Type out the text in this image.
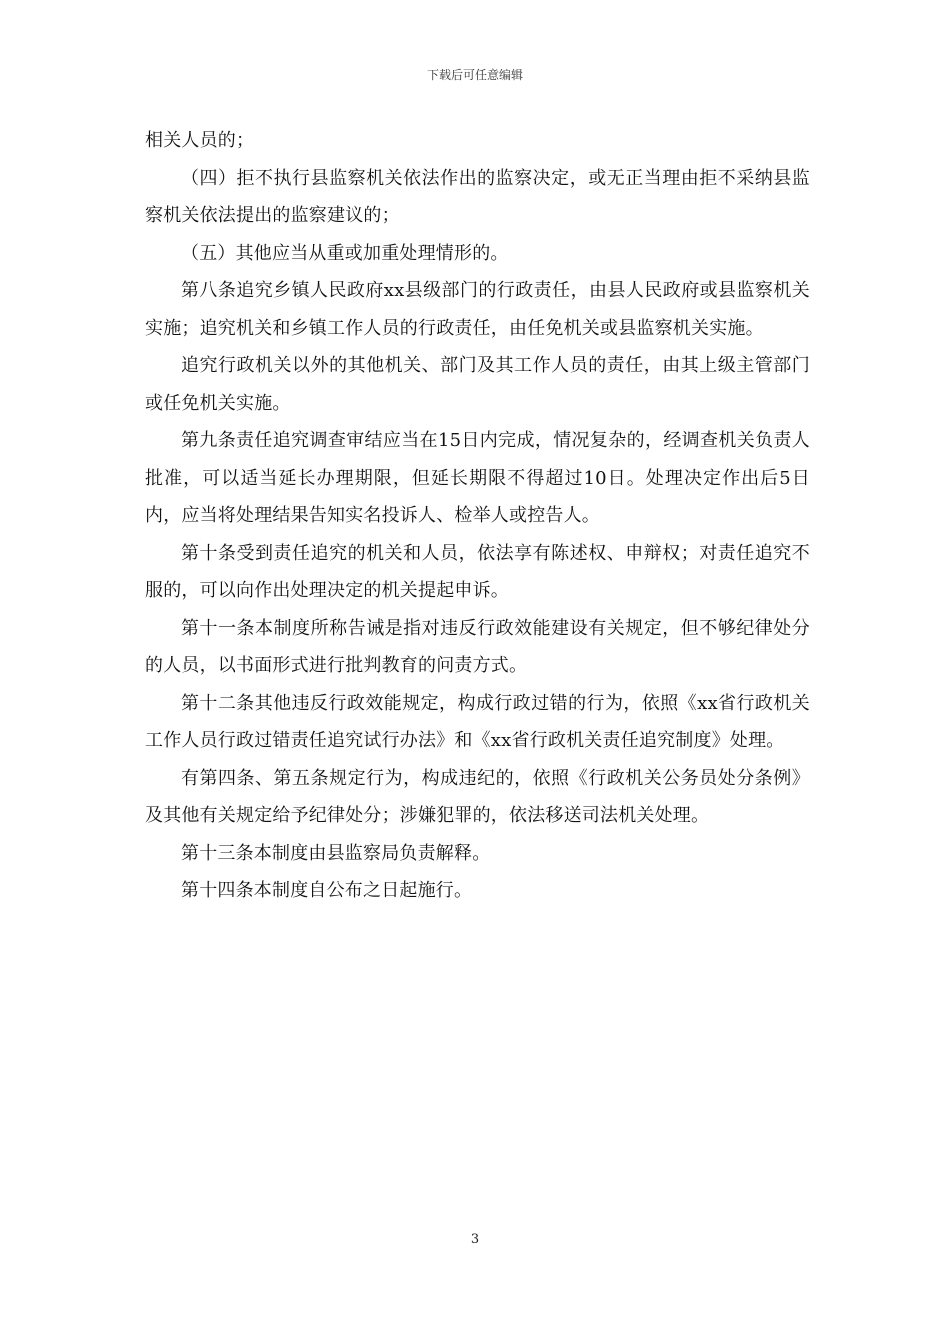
下载后可任意编辑

相关人员的；

（四）拒不执行县监察机关依法作出的监察决定，或无正当理由拒不采纳县监察机关依法提出的监察建议的；

（五）其他应当从重或加重处理情形的。

第八条追究乡镇人民政府xx县级部门的行政责任，由县人民政府或县监察机关实施；追究机关和乡镇工作人员的行政责任，由任免机关或县监察机关实施。

追究行政机关以外的其他机关、部门及其工作人员的责任，由其上级主管部门或任免机关实施。

第九条责任追究调查审结应当在15日内完成，情况复杂的，经调查机关负责人批准，可以适当延长办理期限，但延长期限不得超过10日。处理决定作出后5日内，应当将处理结果告知实名投诉人、检举人或控告人。

第十条受到责任追究的机关和人员，依法享有陈述权、申辩权；对责任追究不服的，可以向作出处理决定的机关提起申诉。

第十一条本制度所称告诫是指对违反行政效能建设有关规定，但不够纪律处分的人员，以书面形式进行批判教育的问责方式。

第十二条其他违反行政效能规定，构成行政过错的行为，依照《xx省行政机关工作人员行政过错责任追究试行办法》和《xx省行政机关责任追究制度》处理。

有第四条、第五条规定行为，构成违纪的，依照《行政机关公务员处分条例》及其他有关规定给予纪律处分；涉嫌犯罪的，依法移送司法机关处理。

第十三条本制度由县监察局负责解释。

第十四条本制度自公布之日起施行。

3
